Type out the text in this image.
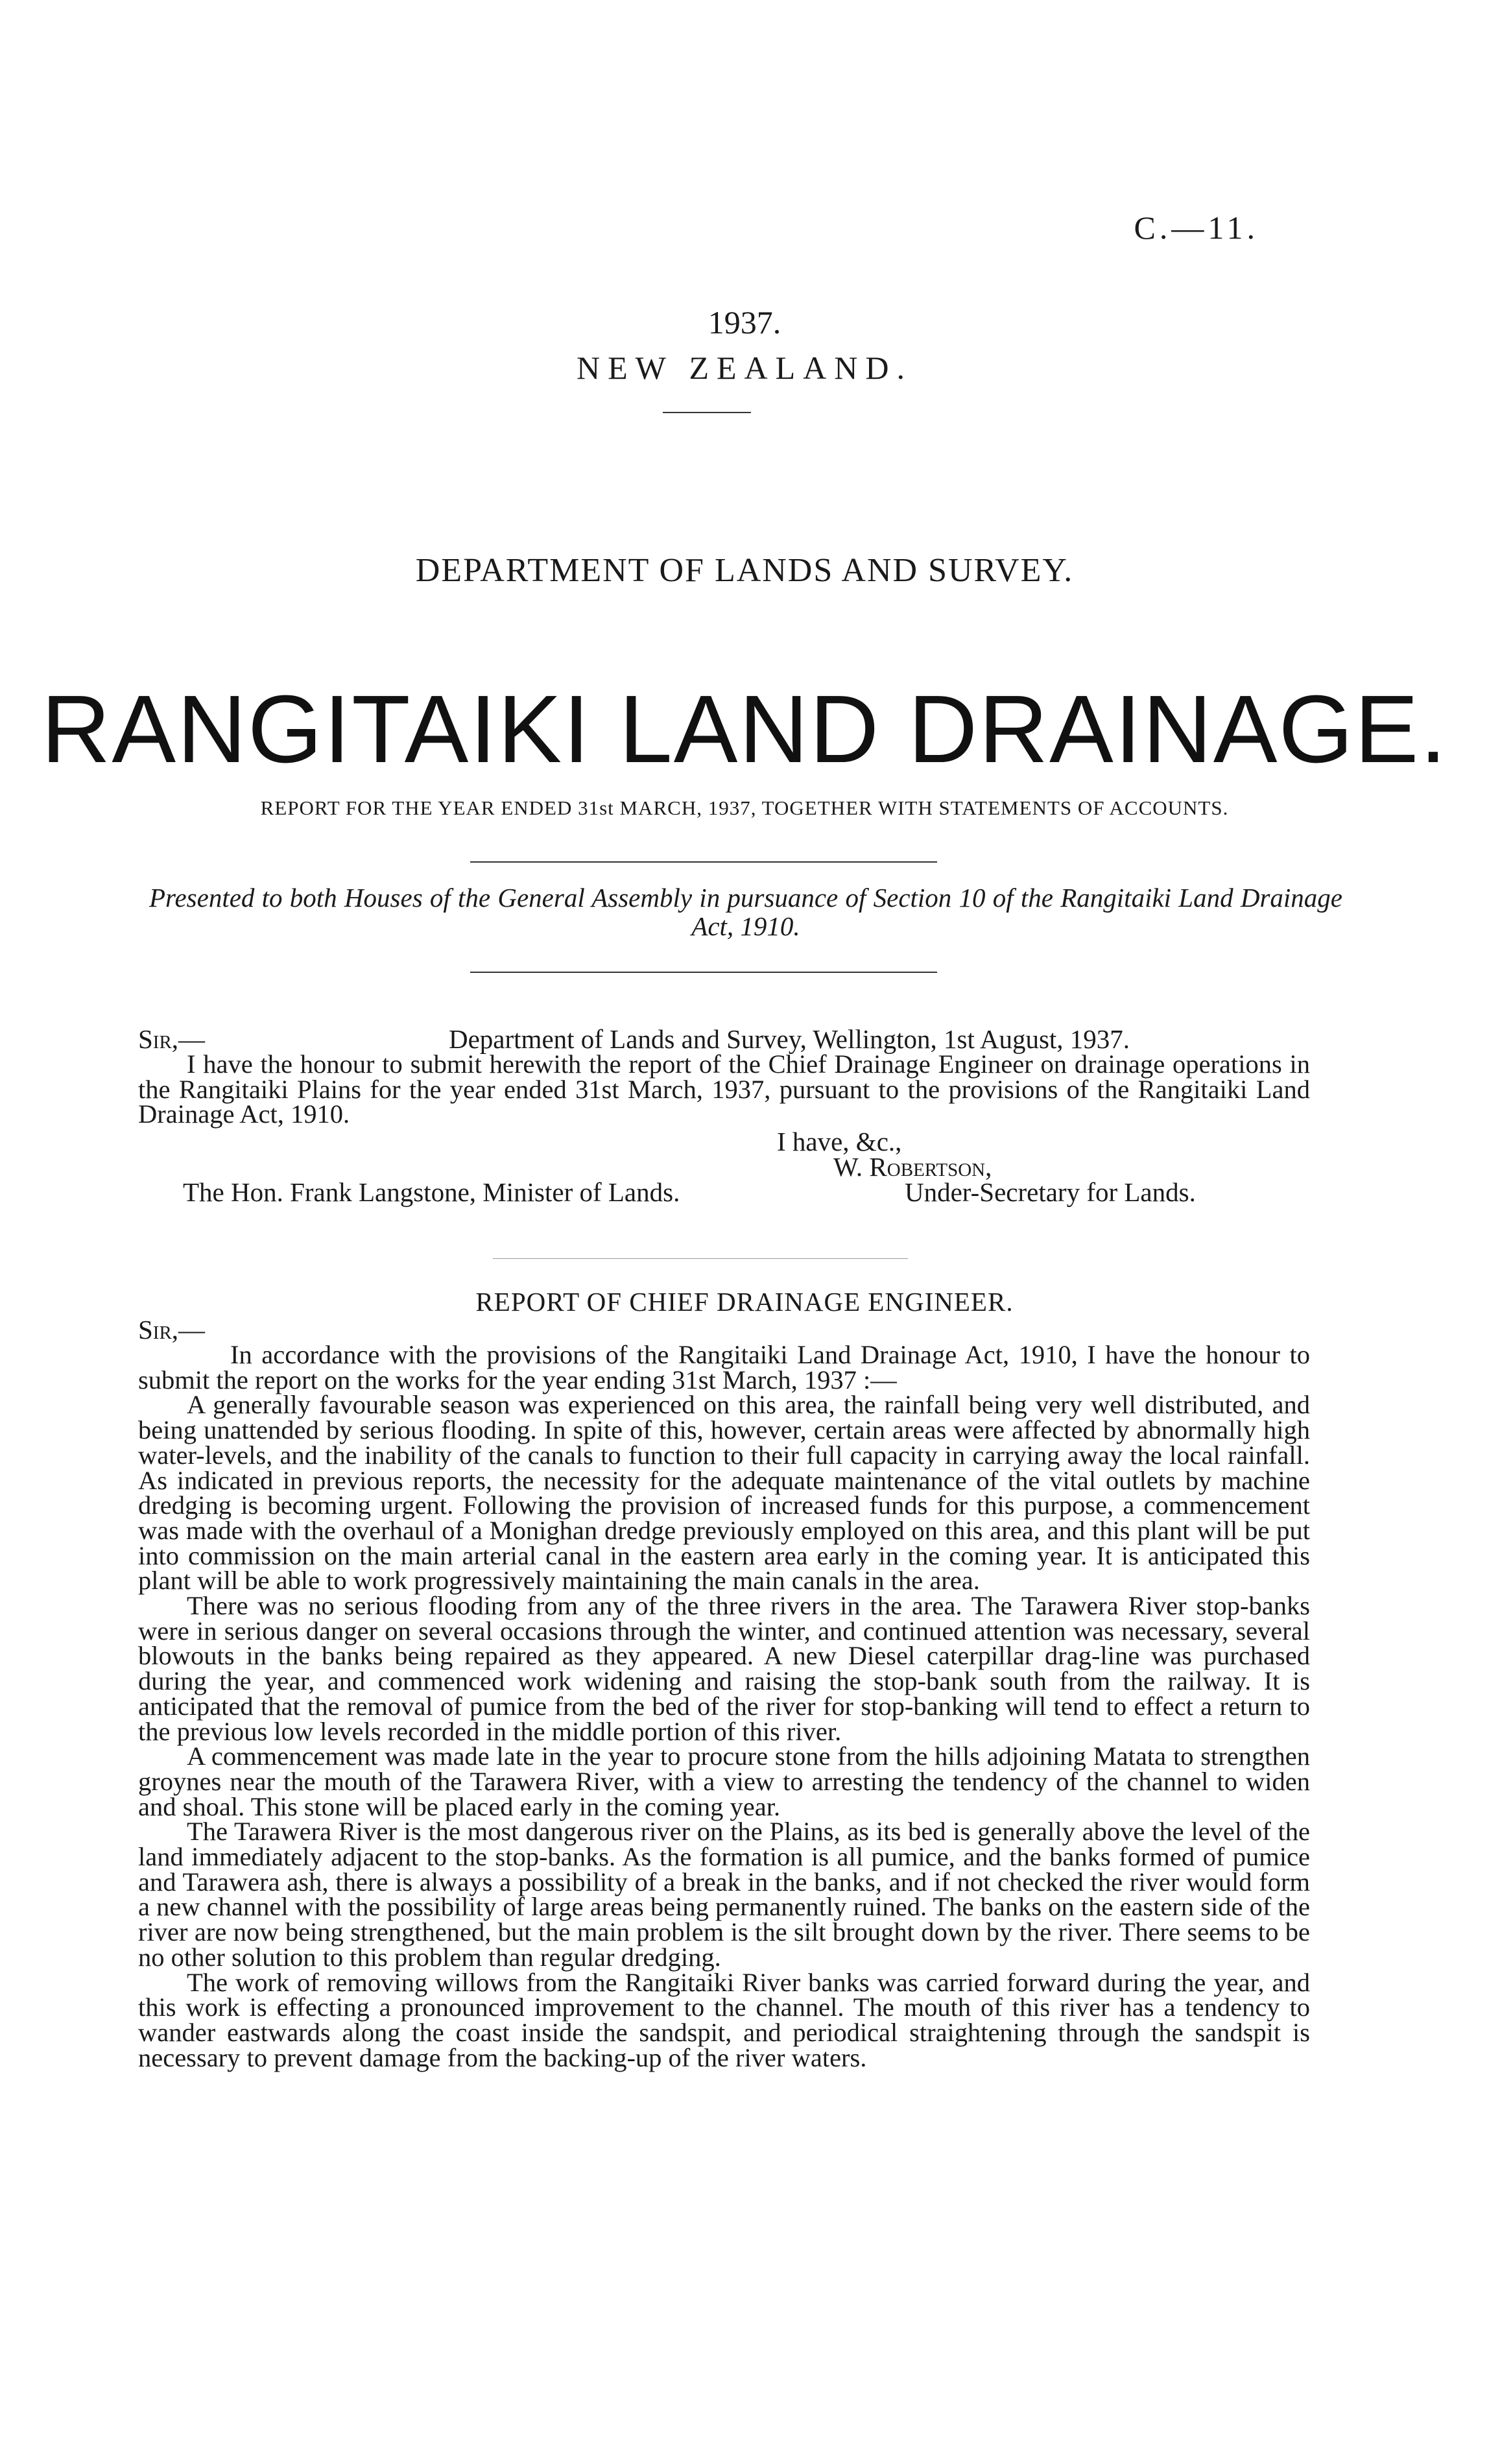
C.—11.
1937.
NEW ZEALAND.
DEPARTMENT OF LANDS AND SURVEY.
RANGITAIKI LAND DRAINAGE.
REPORT FOR THE YEAR ENDED 31st MARCH, 1937, TOGETHER WITH STATEMENTS OF ACCOUNTS.
Presented to both Houses of the General Assembly in pursuance of Section 10 of the Rangitaiki Land Drainage Act, 1910.
Sir,—	Department of Lands and Survey, Wellington, 1st August, 1937.

I have the honour to submit herewith the report of the Chief Drainage Engineer on drainage operations in the Rangitaiki Plains for the year ended 31st March, 1937, pursuant to the provisions of the Rangitaiki Land Drainage Act, 1910.

I have, &c.,
W. Robertson,
The Hon. Frank Langstone, Minister of Lands.	Under-Secretary for Lands.
REPORT OF CHIEF DRAINAGE ENGINEER.
Sir,—

In accordance with the provisions of the Rangitaiki Land Drainage Act, 1910, I have the honour to submit the report on the works for the year ending 31st March, 1937 :—

A generally favourable season was experienced on this area, the rainfall being very well distributed, and being unattended by serious flooding. In spite of this, however, certain areas were affected by abnormally high water-levels, and the inability of the canals to function to their full capacity in carrying away the local rainfall. As indicated in previous reports, the necessity for the adequate maintenance of the vital outlets by machine dredging is becoming urgent. Following the provision of increased funds for this purpose, a commencement was made with the overhaul of a Monighan dredge previously employed on this area, and this plant will be put into commission on the main arterial canal in the eastern area early in the coming year. It is anticipated this plant will be able to work progressively maintaining the main canals in the area.

There was no serious flooding from any of the three rivers in the area. The Tarawera River stop-banks were in serious danger on several occasions through the winter, and continued attention was necessary, several blowouts in the banks being repaired as they appeared. A new Diesel caterpillar drag-line was purchased during the year, and commenced work widening and raising the stop-bank south from the railway. It is anticipated that the removal of pumice from the bed of the river for stop-banking will tend to effect a return to the previous low levels recorded in the middle portion of this river.

A commencement was made late in the year to procure stone from the hills adjoining Matata to strengthen groynes near the mouth of the Tarawera River, with a view to arresting the tendency of the channel to widen and shoal. This stone will be placed early in the coming year.

The Tarawera River is the most dangerous river on the Plains, as its bed is generally above the level of the land immediately adjacent to the stop-banks. As the formation is all pumice, and the banks formed of pumice and Tarawera ash, there is always a possibility of a break in the banks, and if not checked the river would form a new channel with the possibility of large areas being permanently ruined. The banks on the eastern side of the river are now being strengthened, but the main problem is the silt brought down by the river. There seems to be no other solution to this problem than regular dredging.

The work of removing willows from the Rangitaiki River banks was carried forward during the year, and this work is effecting a pronounced improvement to the channel. The mouth of this river has a tendency to wander eastwards along the coast inside the sandspit, and periodical straightening through the sandspit is necessary to prevent damage from the backing-up of the river waters.
